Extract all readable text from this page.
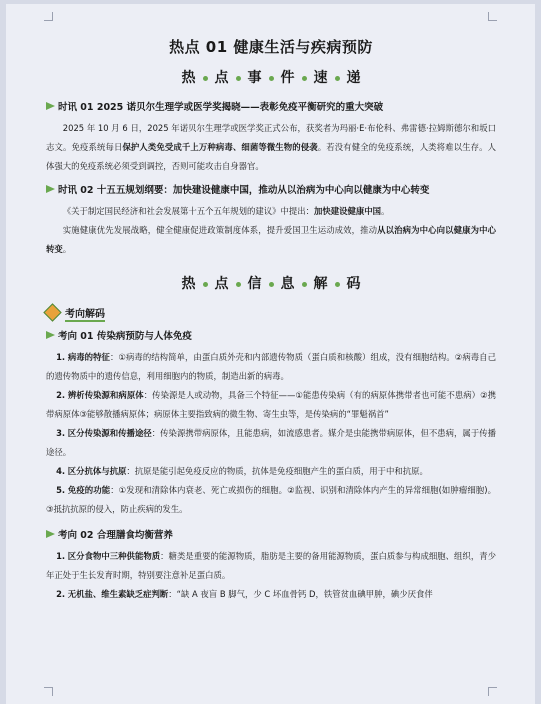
热点 01 健康生活与疾病预防
热 点 事 件 速 递
时讯 01 2025 诺贝尔生理学或医学奖揭晓——表彰免疫平衡研究的重大突破

2025 年 10 月 6 日，2025 年诺贝尔生理学或医学奖正式公布，获奖者为玛丽·E·布伦科、弗雷德·拉姆斯德尔和坂口志文。免疫系统每日保护人类免受成千上万种病毒、细菌等微生物的侵袭。若没有健全的免疫系统，人类将难以生存。人体强大的免疫系统必须受到调控，否则可能攻击自身器官。

时讯 02 十五五规划纲要：加快建设健康中国，推动从以治病为中心向以健康为中心转变

《关于制定国民经济和社会发展第十五个五年规划的建议》中提出：加快建设健康中国。

实施健康优先发展战略，健全健康促进政策制度体系，提升爱国卫生运动成效，推动从以治病为中心向以健康为中心转变。

热 点 信 息 解 码
考向解码
考向 01 传染病预防与人体免疫

1. 病毒的特征：①病毒的结构简单，由蛋白质外壳和内部遗传物质（蛋白质和核酸）组成，没有细胞结构。②病毒自己的遗传物质中的遗传信息，利用细胞内的物质，制造出新的病毒。

2. 辨析传染源和病原体：传染源是人或动物，具备三个特征——①能患传染病（有的病原体携带者也可能不患病）②携带病原体③能够散播病原体；病原体主要指致病的微生物、寄生虫等，是传染病的“罪魁祸首”

3. 区分传染源和传播途径：传染源携带病原体，且能患病，如流感患者。媒介是虫能携带病原体，但不患病，属于传播途径。

4. 区分抗体与抗原：抗原是能引起免疫反应的物质，抗体是免疫细胞产生的蛋白质，用于中和抗原。

5. 免疫的功能：①发现和清除体内衰老、死亡或损伤的细胞。②监视、识别和清除体内产生的异常细胞(如肿瘤细胞)。③抵抗抗原的侵入，防止疾病的发生。

考向 02 合理膳食均衡营养

1. 区分食物中三种供能物质：糖类是重要的能源物质，脂肪是主要的备用能源物质，蛋白质参与构成细胞、组织，青少年正处于生长发育时期，特别要注意补足蛋白质。

2. 无机盐、维生素缺乏症判断：“缺 A 夜盲 B 脚气，少 C 坏血骨钙 D，铁管贫血碘甲肿，碘少厌食伴
